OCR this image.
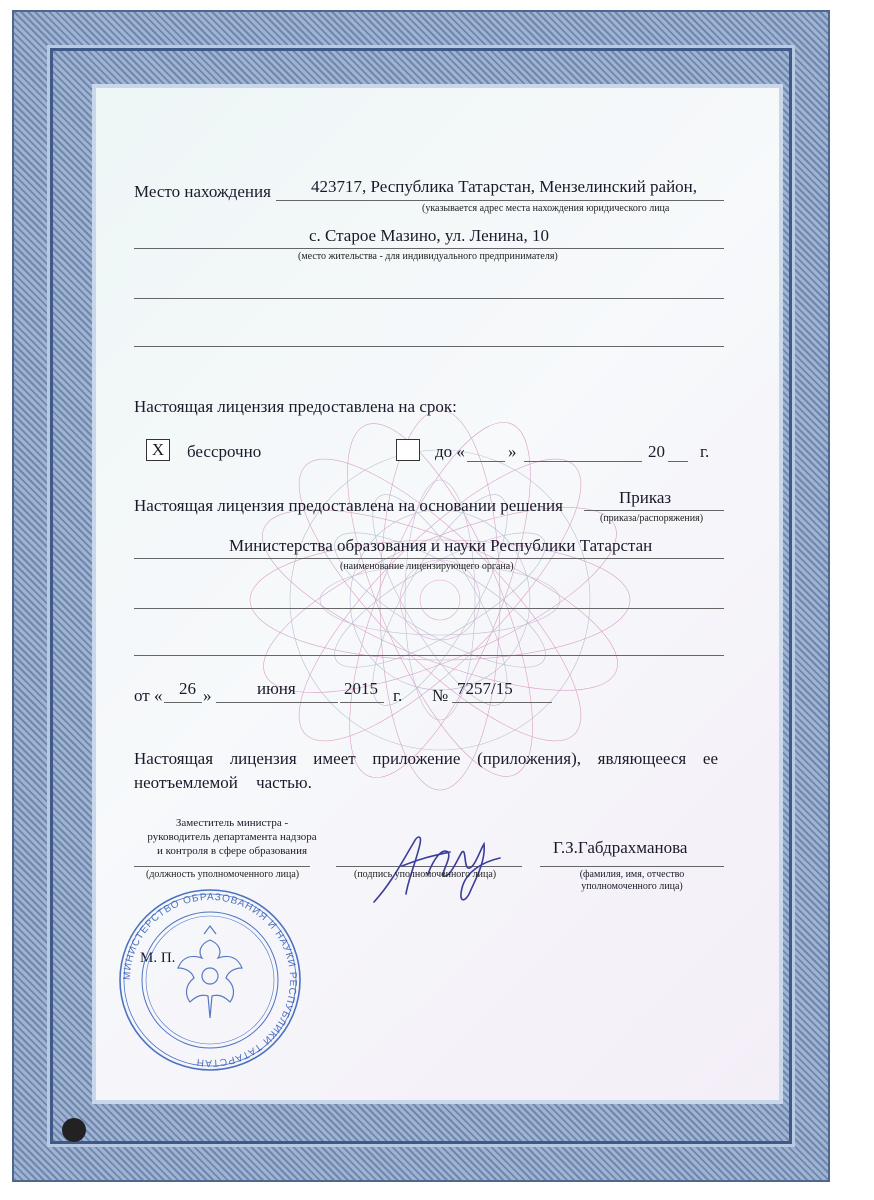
Место нахождения 423717, Республика Татарстан, Мензелинский район,
(указывается адрес места нахождения юридического лица
с. Старое Мазино, ул. Ленина, 10
(место жительства - для индивидуального предпринимателя)
Настоящая лицензия предоставлена на срок:
X	бессрочно	до «	»	20 г.
Настоящая лицензия предоставлена на основании решения	Приказ
(приказа/распоряжения)
Министерства образования и науки Республики Татарстан
(наименование лицензирующего органа)
от « 26 »	июня	2015 г. № 7257/15
Настоящая лицензия имеет приложение (приложения), являющееся ее
неотъемлемой частью.
Заместитель министра -
руководитель департамента надзора
и контроля в сфере образования
(должность уполномоченного лица)	(подпись уполномоченного лица)
Г.З.Габдрахманова
(фамилия, имя, отчество
уполномоченного лица)
М. П.
МИНИСТЕРСТВО ОБРАЗОВАНИЯ И НАУКИ РЕСПУБЛИКИ ТАТАРСТАН
